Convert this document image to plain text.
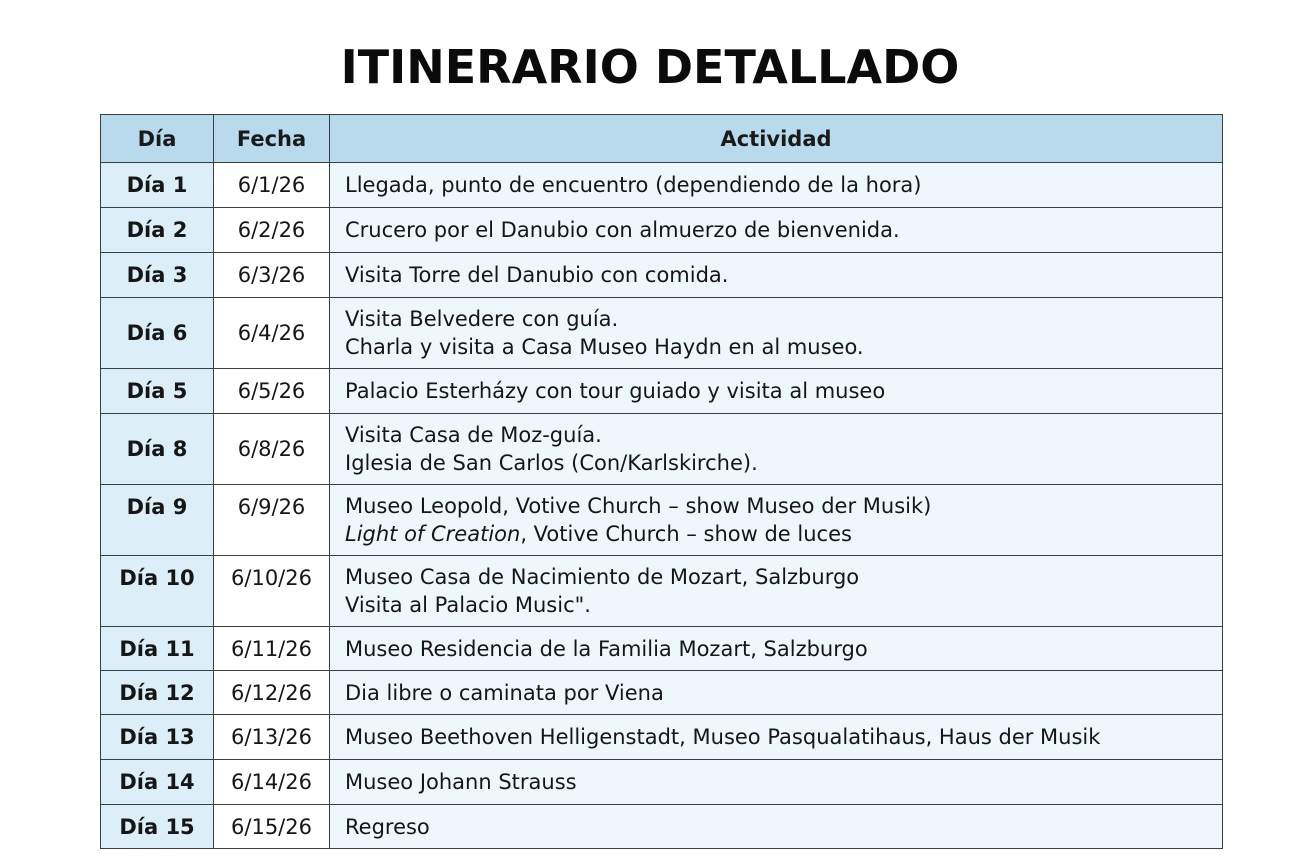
ITINERARIO DETALLADO
Día	Fecha	Actividad
Día 1	6/1/26	Llegada, punto de encuentro (dependiendo de la hora)

Día 2	6/2/26	Crucero por el Danubio con almuerzo de bienvenida.

Día 3	6/3/26	Visita Torre del Danubio con comida.

Día 6	6/4/26	Visita Belvedere con guía.
Charla y visita a Casa Museo Haydn en al museo.

Día 5	6/5/26	Palacio Esterházy con tour guiado y visita al museo

Día 8	6/8/26	Visita Casa de Moz-guía.
Iglesia de San Carlos (Con/Karlskirche).

Día 9	6/9/26	Museo Leopold, Votive Church – show Museo der Musik)
Light of Creation, Votive Church – show de luces

Día 10	6/10/26	Museo Casa de Nacimiento de Mozart, Salzburgo
Visita al Palacio Music".

Día 11	6/11/26	Museo Residencia de la Familia Mozart, Salzburgo

Día 12	6/12/26	Dia libre o caminata por Viena

Día 13	6/13/26	Museo Beethoven Helligenstadt, Museo Pasqualatihaus, Haus der Musik

Día 14	6/14/26	Museo Johann Strauss

Día 15	6/15/26	Regreso
